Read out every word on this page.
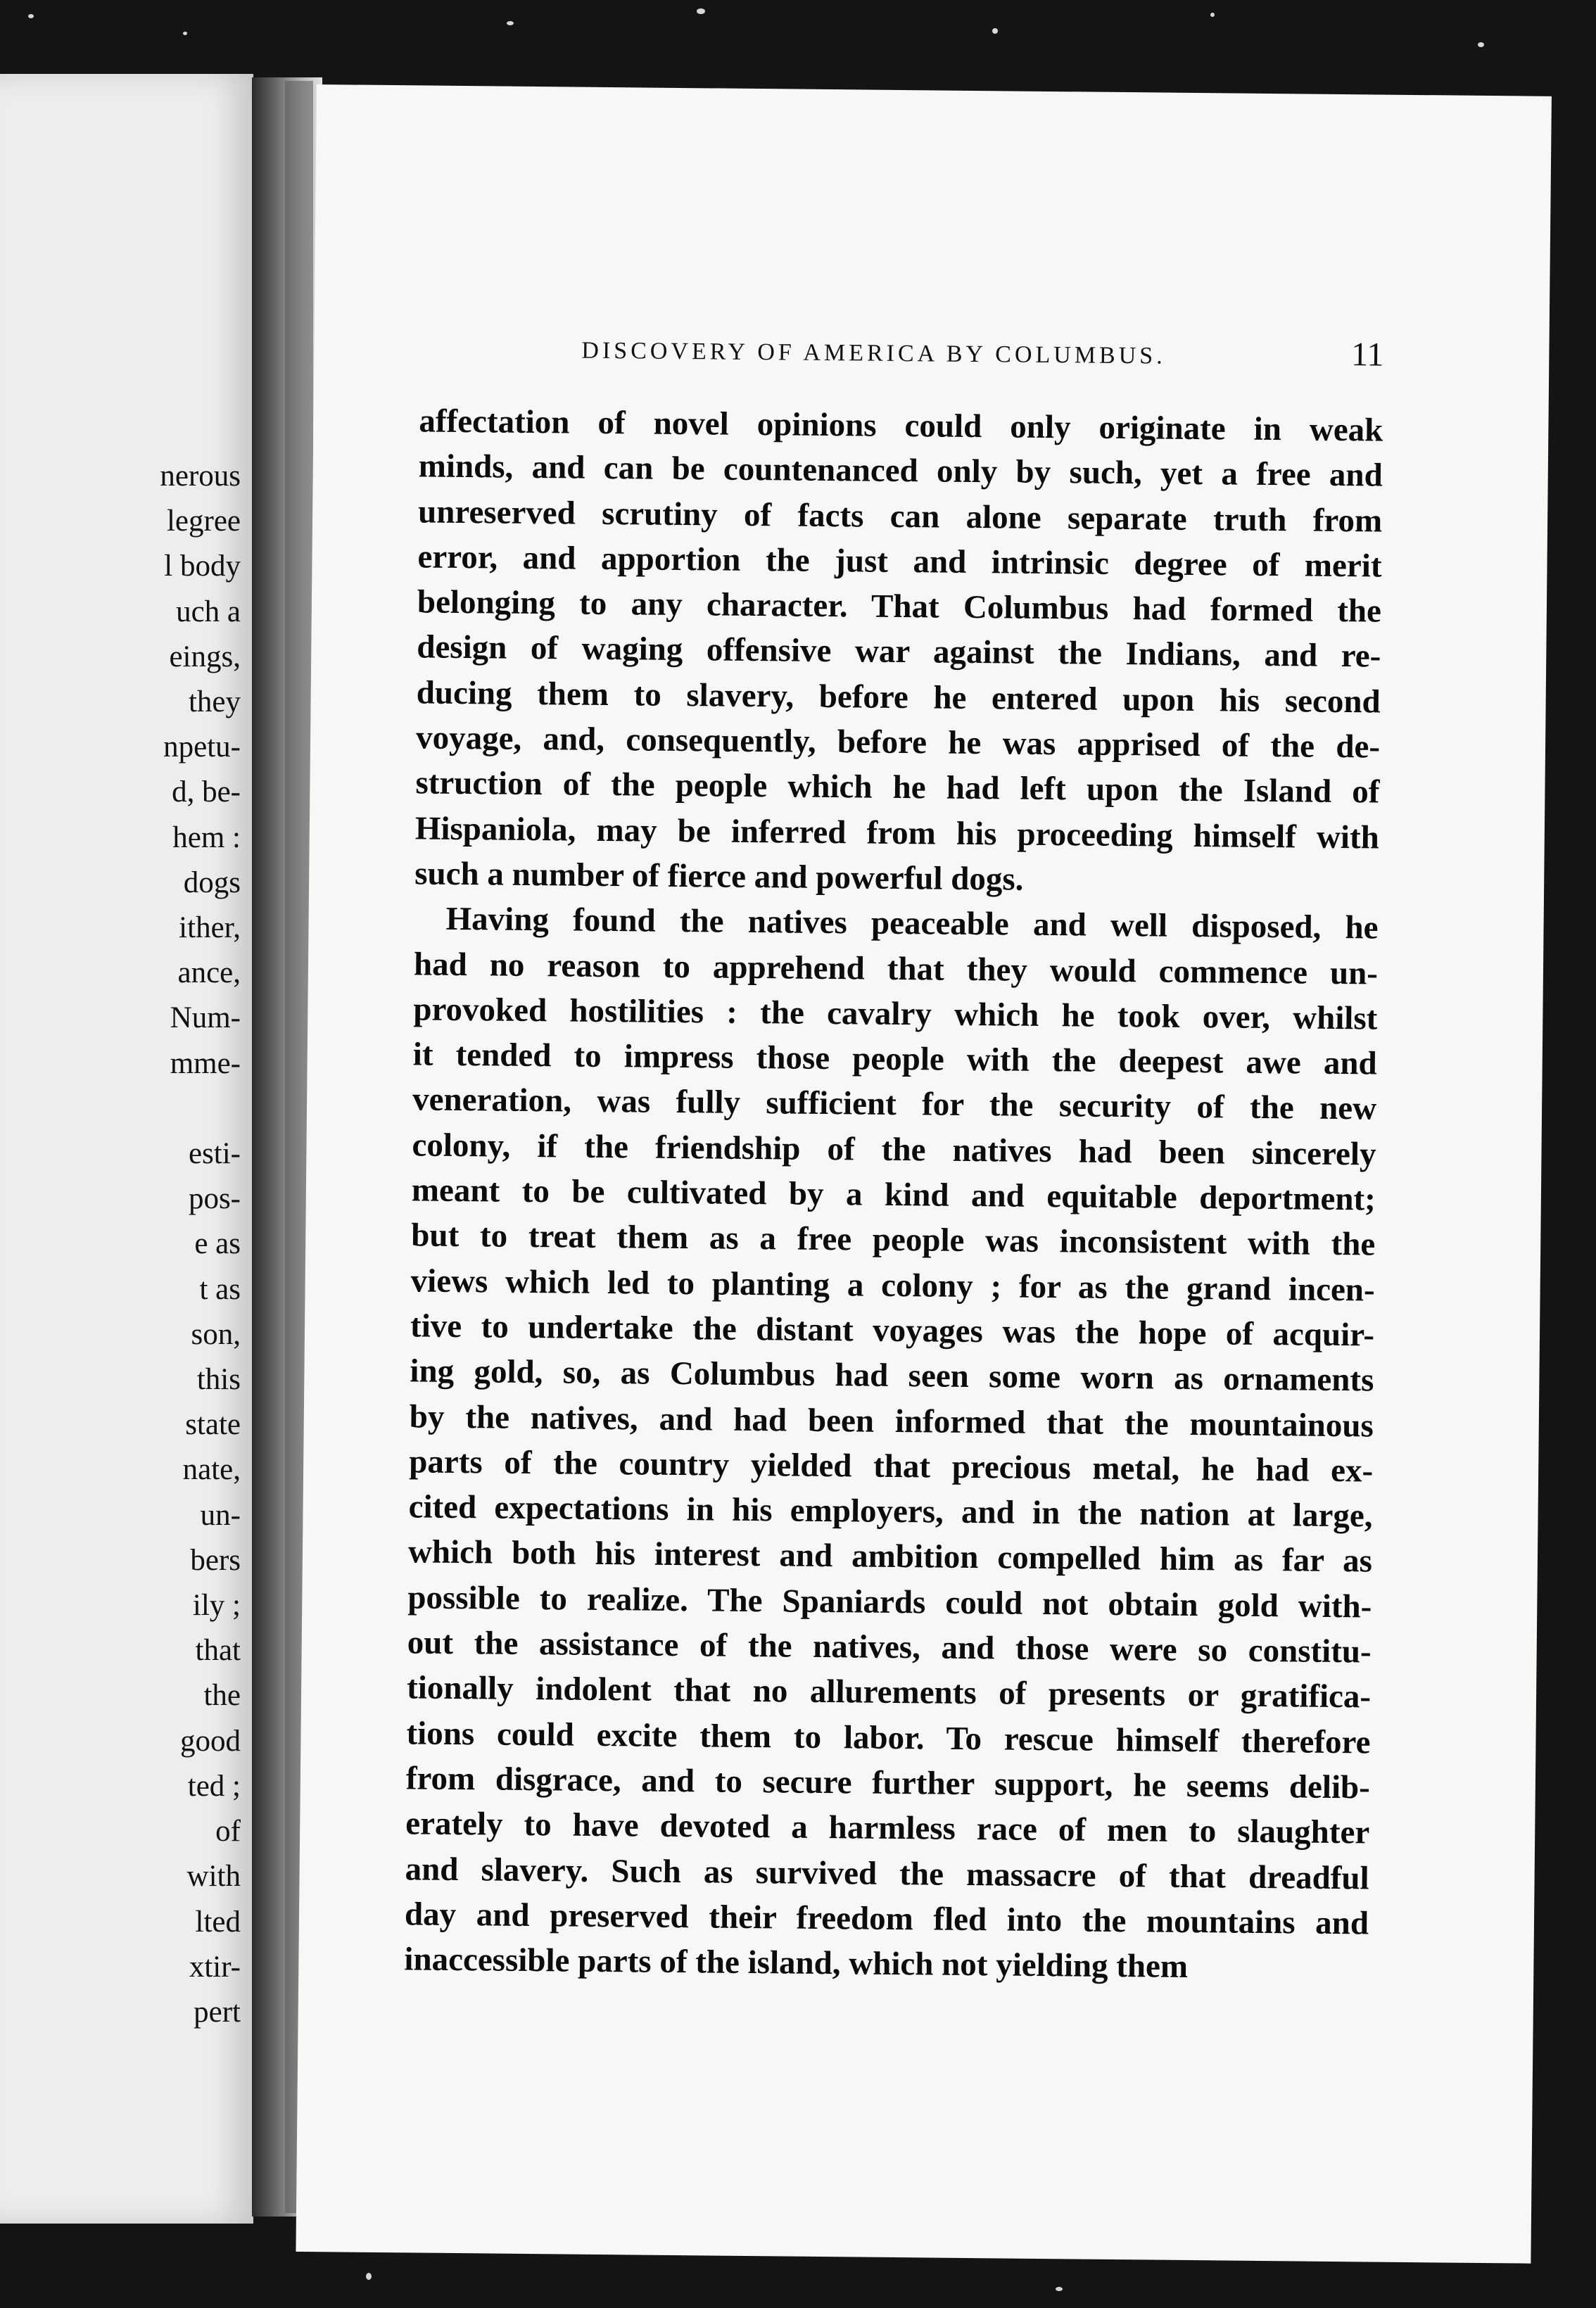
nerous
legree
l body
uch a
eings,
they
npetu-
d, be-
hem :
dogs
ither,
ance,
Num-
mme-

esti-
pos-
e as
t as
son,
this
state
nate,
un-
bers
ily ;
that
the
good
ted ;
of
with
lted
xtir-
pert
DISCOVERY OF AMERICA BY COLUMBUS.	11
affectation of novel opinions could only originate in weak
minds, and can be countenanced only by such, yet a free and
unreserved scrutiny of facts can alone separate truth from
error, and apportion the just and intrinsic degree of merit
belonging to any character. That Columbus had formed the
design of waging offensive war against the Indians, and re-
ducing them to slavery, before he entered upon his second
voyage, and, consequently, before he was apprised of the de-
struction of the people which he had left upon the Island of
Hispaniola, may be inferred from his proceeding himself with
such a number of fierce and powerful dogs.
Having found the natives peaceable and well disposed, he
had no reason to apprehend that they would commence un-
provoked hostilities : the cavalry which he took over, whilst
it tended to impress those people with the deepest awe and
veneration, was fully sufficient for the security of the new
colony, if the friendship of the natives had been sincerely
meant to be cultivated by a kind and equitable deportment;
but to treat them as a free people was inconsistent with the
views which led to planting a colony ; for as the grand incen-
tive to undertake the distant voyages was the hope of acquir-
ing gold, so, as Columbus had seen some worn as ornaments
by the natives, and had been informed that the mountainous
parts of the country yielded that precious metal, he had ex-
cited expectations in his employers, and in the nation at large,
which both his interest and ambition compelled him as far as
possible to realize. The Spaniards could not obtain gold with-
out the assistance of the natives, and those were so constitu-
tionally indolent that no allurements of presents or gratifica-
tions could excite them to labor. To rescue himself therefore
from disgrace, and to secure further support, he seems delib-
erately to have devoted a harmless race of men to slaughter
and slavery. Such as survived the massacre of that dreadful
day and preserved their freedom fled into the mountains and
inaccessible parts of the island, which not yielding them
